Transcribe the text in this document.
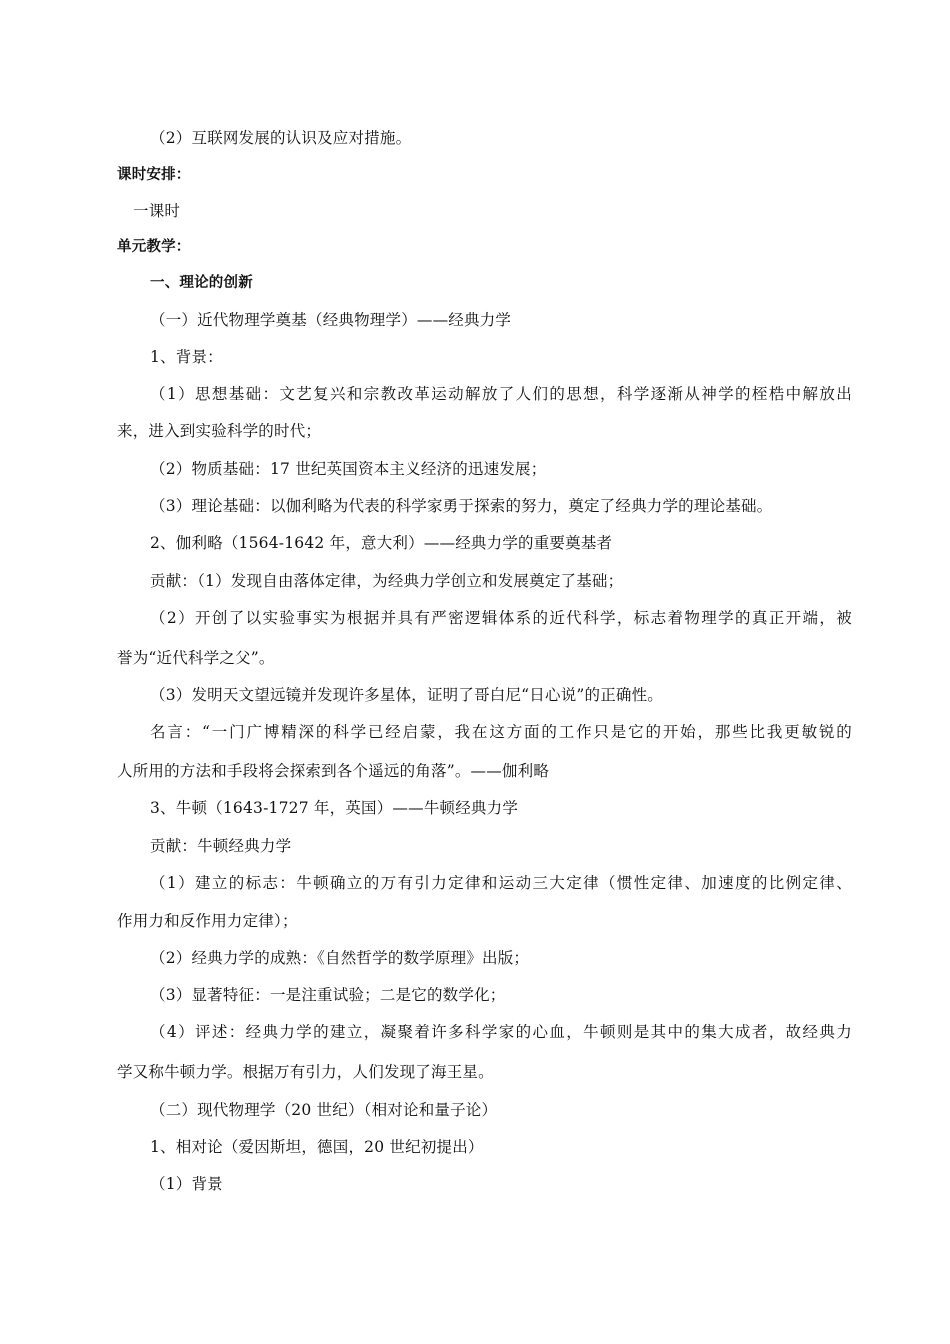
（2）互联网发展的认识及应对措施。
课时安排：
一课时
单元教学：
一、理论的创新
（一）近代物理学奠基（经典物理学）——经典力学
1、背景：
（1）思想基础：文艺复兴和宗教改革运动解放了人们的思想，科学逐渐从神学的桎梏中解放出
来，进入到实验科学的时代；
（2）物质基础：17 世纪英国资本主义经济的迅速发展；
（3）理论基础：以伽利略为代表的科学家勇于探索的努力，奠定了经典力学的理论基础。
2、伽利略（1564-1642 年，意大利）——经典力学的重要奠基者
贡献：（1）发现自由落体定律，为经典力学创立和发展奠定了基础；
（2）开创了以实验事实为根据并具有严密逻辑体系的近代科学，标志着物理学的真正开端，被
誉为“近代科学之父”。
（3）发明天文望远镜并发现许多星体，证明了哥白尼“日心说”的正确性。
名言：“一门广博精深的科学已经启蒙，我在这方面的工作只是它的开始，那些比我更敏锐的
人所用的方法和手段将会探索到各个遥远的角落”。——伽利略
3、牛顿（1643-1727 年，英国）——牛顿经典力学
贡献：牛顿经典力学
（1）建立的标志：牛顿确立的万有引力定律和运动三大定律（惯性定律、加速度的比例定律、
作用力和反作用力定律）；
（2）经典力学的成熟：《自然哲学的数学原理》出版；
（3）显著特征：一是注重试验；二是它的数学化；
（4）评述：经典力学的建立，凝聚着许多科学家的心血，牛顿则是其中的集大成者，故经典力
学又称牛顿力学。根据万有引力，人们发现了海王星。
（二）现代物理学（20 世纪）（相对论和量子论）
1、相对论（爱因斯坦，德国，20 世纪初提出）
（1）背景
